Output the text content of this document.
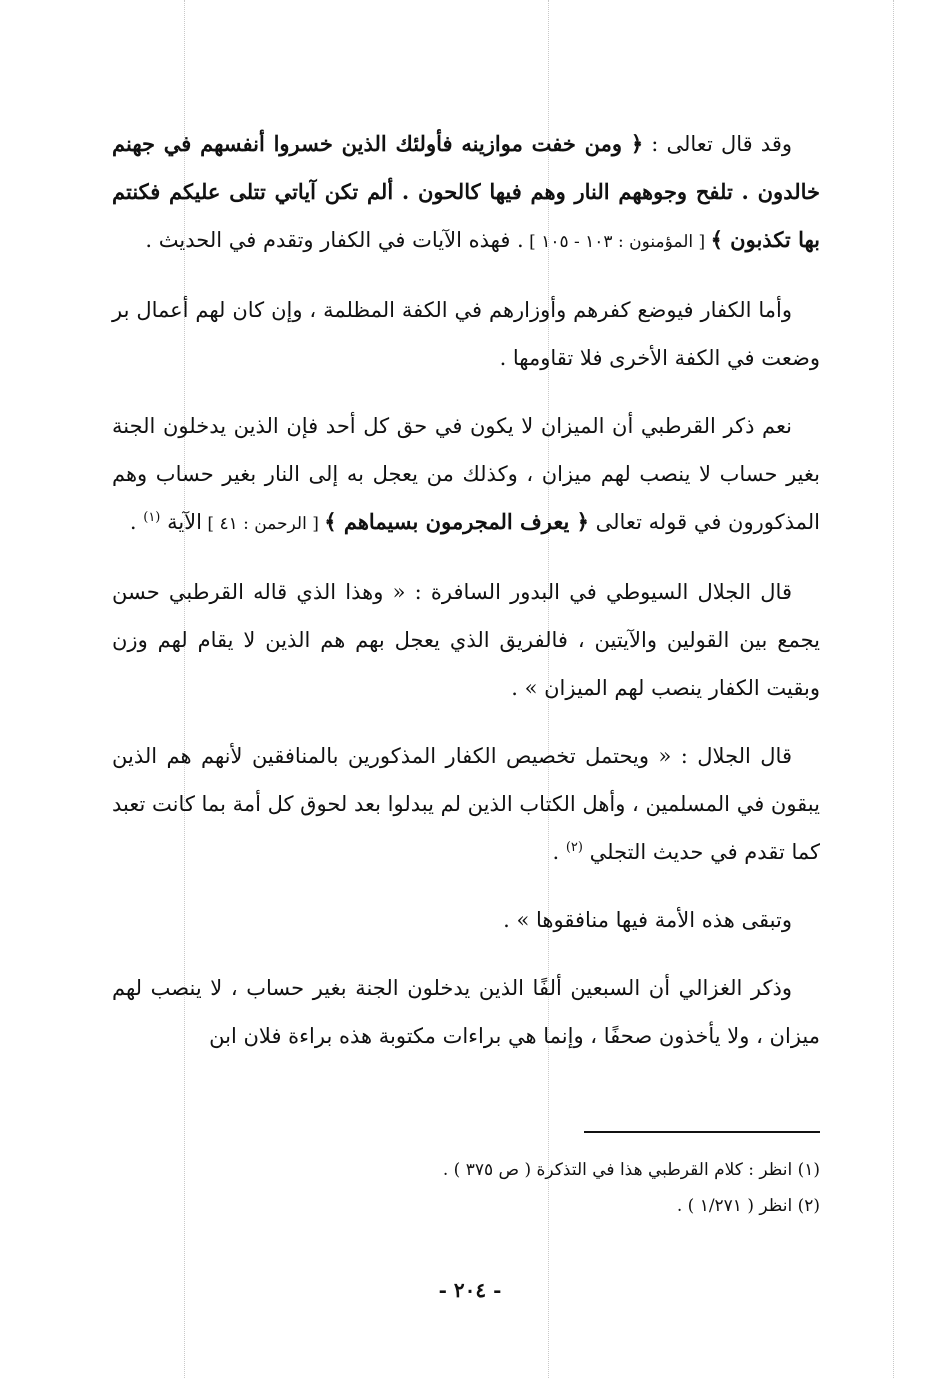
وقد قال تعالى : ﴿ ومن خفت موازينه فأولئك الذين خسروا أنفسهم في جهنم خالدون . تلفح وجوههم النار وهم فيها كالحون . ألم تكن آياتي تتلى عليكم فكنتم بها تكذبون ﴾ [ المؤمنون : ١٠٣ - ١٠٥ ] . فهذه الآيات في الكفار وتقدم في الحديث .

وأما الكفار فيوضع كفرهم وأوزارهم في الكفة المظلمة ، وإن كان لهم أعمال بر وضعت في الكفة الأخرى فلا تقاومها .

نعم ذكر القرطبي أن الميزان لا يكون في حق كل أحد فإن الذين يدخلون الجنة بغير حساب لا ينصب لهم ميزان ، وكذلك من يعجل به إلى النار بغير حساب وهم المذكورون في قوله تعالى ﴿ يعرف المجرمون بسيماهم ﴾ [ الرحمن : ٤١ ] الآية $^{(١)}$ .

قال الجلال السيوطي في البدور السافرة : « وهذا الذي قاله القرطبي حسن يجمع بين القولين والآيتين ، فالفريق الذي يعجل بهم هم الذين لا يقام لهم وزن وبقيت الكفار ينصب لهم الميزان » .

قال الجلال : « ويحتمل تخصيص الكفار المذكورين بالمنافقين لأنهم هم الذين يبقون في المسلمين ، وأهل الكتاب الذين لم يبدلوا بعد لحوق كل أمة بما كانت تعبد كما تقدم في حديث التجلي $^{(٢)}$ .

وتبقى هذه الأمة فيها منافقوها » .

وذكر الغزالي أن السبعين ألفًا الذين يدخلون الجنة بغير حساب ، لا ينصب لهم ميزان ، ولا يأخذون صحفًا ، وإنما هي براءات مكتوبة هذه براءة فلان ابن

(١) انظر : كلام القرطبي هذا في التذكرة ( ص ٣٧٥ ) .

(٢) انظر ( ١/٢٧١ ) .

- ٢٠٤ -
